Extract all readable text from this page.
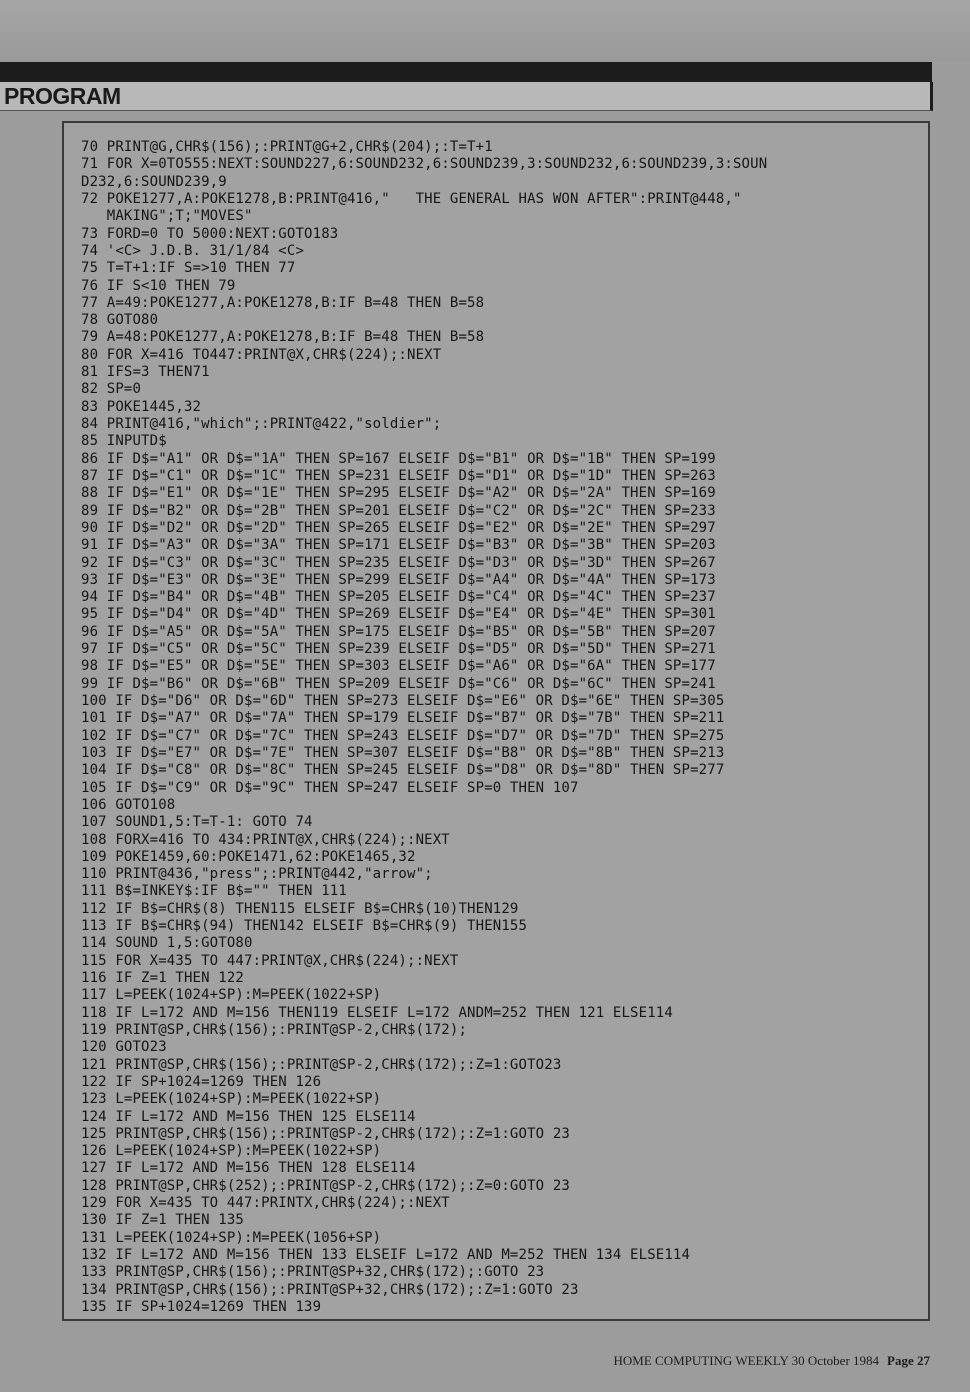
PROGRAM
70 PRINT@G,CHR$(156);:PRINT@G+2,CHR$(204);:T=T+1
71 FOR X=0TO555:NEXT:SOUND227,6:SOUND232,6:SOUND239,3:SOUND232,6:SOUND239,3:SOUN
D232,6:SOUND239,9
72 POKE1277,A:POKE1278,B:PRINT@416,"   THE GENERAL HAS WON AFTER":PRINT@448,"
MAKING";T;"MOVES"
73 FORD=0 TO 5000:NEXT:GOTO183
74 '<C> J.D.B. 31/1/84 <C>
75 T=T+1:IF S=>10 THEN 77
76 IF S<10 THEN 79
77 A=49:POKE1277,A:POKE1278,B:IF B=48 THEN B=58
78 GOTO80
79 A=48:POKE1277,A:POKE1278,B:IF B=48 THEN B=58
80 FOR X=416 TO447:PRINT@X,CHR$(224);:NEXT
81 IFS=3 THEN71
82 SP=0
83 POKE1445,32
84 PRINT@416,"which";:PRINT@422,"soldier";
85 INPUTD$
86 IF D$="A1" OR D$="1A" THEN SP=167 ELSEIF D$="B1" OR D$="1B" THEN SP=199
87 IF D$="C1" OR D$="1C" THEN SP=231 ELSEIF D$="D1" OR D$="1D" THEN SP=263
88 IF D$="E1" OR D$="1E" THEN SP=295 ELSEIF D$="A2" OR D$="2A" THEN SP=169
89 IF D$="B2" OR D$="2B" THEN SP=201 ELSEIF D$="C2" OR D$="2C" THEN SP=233
90 IF D$="D2" OR D$="2D" THEN SP=265 ELSEIF D$="E2" OR D$="2E" THEN SP=297
91 IF D$="A3" OR D$="3A" THEN SP=171 ELSEIF D$="B3" OR D$="3B" THEN SP=203
92 IF D$="C3" OR D$="3C" THEN SP=235 ELSEIF D$="D3" OR D$="3D" THEN SP=267
93 IF D$="E3" OR D$="3E" THEN SP=299 ELSEIF D$="A4" OR D$="4A" THEN SP=173
94 IF D$="B4" OR D$="4B" THEN SP=205 ELSEIF D$="C4" OR D$="4C" THEN SP=237
95 IF D$="D4" OR D$="4D" THEN SP=269 ELSEIF D$="E4" OR D$="4E" THEN SP=301
96 IF D$="A5" OR D$="5A" THEN SP=175 ELSEIF D$="B5" OR D$="5B" THEN SP=207
97 IF D$="C5" OR D$="5C" THEN SP=239 ELSEIF D$="D5" OR D$="5D" THEN SP=271
98 IF D$="E5" OR D$="5E" THEN SP=303 ELSEIF D$="A6" OR D$="6A" THEN SP=177
99 IF D$="B6" OR D$="6B" THEN SP=209 ELSEIF D$="C6" OR D$="6C" THEN SP=241
100 IF D$="D6" OR D$="6D" THEN SP=273 ELSEIF D$="E6" OR D$="6E" THEN SP=305
101 IF D$="A7" OR D$="7A" THEN SP=179 ELSEIF D$="B7" OR D$="7B" THEN SP=211
102 IF D$="C7" OR D$="7C" THEN SP=243 ELSEIF D$="D7" OR D$="7D" THEN SP=275
103 IF D$="E7" OR D$="7E" THEN SP=307 ELSEIF D$="B8" OR D$="8B" THEN SP=213
104 IF D$="C8" OR D$="8C" THEN SP=245 ELSEIF D$="D8" OR D$="8D" THEN SP=277
105 IF D$="C9" OR D$="9C" THEN SP=247 ELSEIF SP=0 THEN 107
106 GOTO108
107 SOUND1,5:T=T-1: GOTO 74
108 FORX=416 TO 434:PRINT@X,CHR$(224);:NEXT
109 POKE1459,60:POKE1471,62:POKE1465,32
110 PRINT@436,"press";:PRINT@442,"arrow";
111 B$=INKEY$:IF B$="" THEN 111
112 IF B$=CHR$(8) THEN115 ELSEIF B$=CHR$(10)THEN129
113 IF B$=CHR$(94) THEN142 ELSEIF B$=CHR$(9) THEN155
114 SOUND 1,5:GOTO80
115 FOR X=435 TO 447:PRINT@X,CHR$(224);:NEXT
116 IF Z=1 THEN 122
117 L=PEEK(1024+SP):M=PEEK(1022+SP)
118 IF L=172 AND M=156 THEN119 ELSEIF L=172 ANDM=252 THEN 121 ELSE114
119 PRINT@SP,CHR$(156);:PRINT@SP-2,CHR$(172);
120 GOTO23
121 PRINT@SP,CHR$(156);:PRINT@SP-2,CHR$(172);:Z=1:GOTO23
122 IF SP+1024=1269 THEN 126
123 L=PEEK(1024+SP):M=PEEK(1022+SP)
124 IF L=172 AND M=156 THEN 125 ELSE114
125 PRINT@SP,CHR$(156);:PRINT@SP-2,CHR$(172);:Z=1:GOTO 23
126 L=PEEK(1024+SP):M=PEEK(1022+SP)
127 IF L=172 AND M=156 THEN 128 ELSE114
128 PRINT@SP,CHR$(252);:PRINT@SP-2,CHR$(172);:Z=0:GOTO 23
129 FOR X=435 TO 447:PRINTX,CHR$(224);:NEXT
130 IF Z=1 THEN 135
131 L=PEEK(1024+SP):M=PEEK(1056+SP)
132 IF L=172 AND M=156 THEN 133 ELSEIF L=172 AND M=252 THEN 134 ELSE114
133 PRINT@SP,CHR$(156);:PRINT@SP+32,CHR$(172);:GOTO 23
134 PRINT@SP,CHR$(156);:PRINT@SP+32,CHR$(172);:Z=1:GOTO 23
135 IF SP+1024=1269 THEN 139
HOME COMPUTING WEEKLY 30 October 1984 Page 27
